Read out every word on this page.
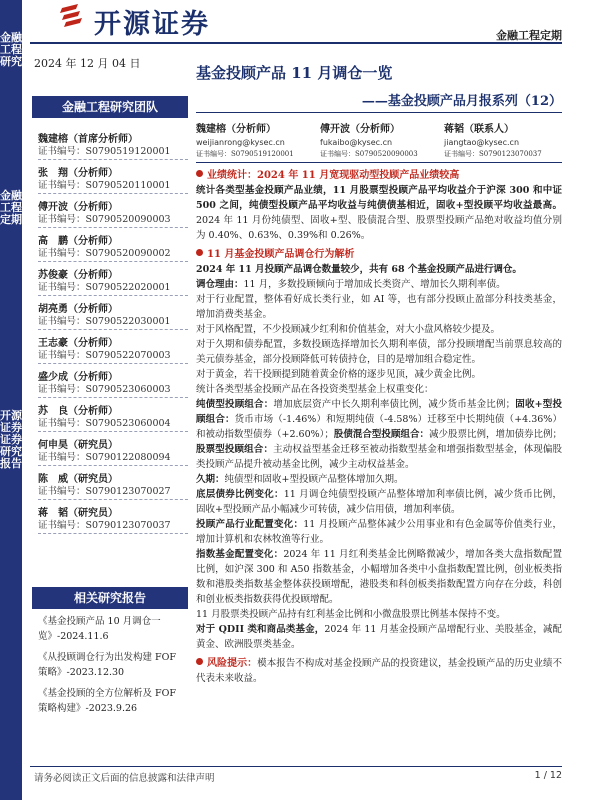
金融工程研究
金融工程定期
开源证券 证券研究报告
开源证券	金融工程定期
2024 年 12 月 04 日
金融工程研究团队
魏建榕（首席分析师）
证书编号：S0790519120001
张　翔（分析师）
证书编号：S0790520110001
傅开波（分析师）
证书编号：S0790520090003
高　鹏（分析师）
证书编号：S0790520090002
苏俊豪（分析师）
证书编号：S0790522020001
胡亮勇（分析师）
证书编号：S0790522030001
王志豪（分析师）
证书编号：S0790522070003
盛少成（分析师）
证书编号：S0790523060003
苏　良（分析师）
证书编号：S0790523060004
何申昊（研究员）
证书编号：S0790122080094
陈　威（研究员）
证书编号：S0790123070027
蒋　韬（研究员）
证书编号：S0790123070037
相关研究报告
《基金投顾产品 10 月调仓一览》-2024.11.6
《从投顾调仓行为出发构建 FOF 策略》-2023.12.30
《基金投顾的全方位解析及 FOF 策略构建》-2023.9.26
基金投顾产品 11 月调仓一览
——基金投顾产品月报系列（12）
魏建榕（分析师）
weijianrong@kysec.cn
证书编号：S0790519120001
傅开波（分析师）
fukaibo@kysec.cn
证书编号：S0790520090003
蒋韬（联系人）
jiangtao@kysec.cn
证书编号：S0790123070037
业绩统计：2024 年 11 月宽现驱动型投顾产品业绩较高
统计各类型基金投顾产品业绩，11 月股票型投顾产品平均收益介于沪深 300 和中证 500 之间，纯债型投顾产品平均收益与纯债债基相近，固收+型投顾平均收益最高。2024 年 11 月份纯债型、固收+型、股债混合型、股票型投顾产品绝对收益均值分别为 0.40%、0.63%、0.39%和 0.26%。
11 月基金投顾产品调仓行为解析
2024 年 11 月投顾产品调仓数量较少，共有 68 个基金投顾产品进行调仓。
调仓理由：11 月，多数投顾倾向于增加成长类资产、增加长久期利率债。
对于行业配置，整体看好成长类行业，如 AI 等，也有部分投顾止盈部分科技类基金，增加消费类基金。
对于风格配置，不少投顾减少红利和价值基金，对大小盘风格较少提及。
对于久期和债券配置，多数投顾选择增加长久期利率债，部分投顾增配当前票息较高的美元债券基金，部分投顾降低可转债持仓，目的是增加组合稳定性。
对于黄金，若干投顾提到随着黄金价格的逐步见顶，减少黄金比例。
统计各类型基金投顾产品在各投资类型基金上权重变化：
纯债型投顾组合：增加底层资产中长久期利率债比例，减少货币基金比例；固收+型投顾组合：货币市场（-1.46%）和短期纯债（-4.58%）迁移至中长期纯债（+4.36%）和被动指数型债券（+2.60%）；股债混合型投顾组合：减少股票比例，增加债券比例；股票型投顾组合：主动权益型基金迁移至被动指数型基金和增强指数型基金，体现偏股类投顾产品提升被动基金比例，减少主动权益基金。
久期：纯债型和固收+型投顾产品整体增加久期。
底层债券比例变化：11 月调仓纯债型投顾产品整体增加利率债比例，减少货币比例，固收+型投顾产品小幅减少可转债，减少信用债，增加利率债。
投顾产品行业配置变化：11 月投顾产品整体减少公用事业和有色金属等价值类行业，增加计算机和农林牧渔等行业。
指数基金配置变化：2024 年 11 月红利类基金比例略微减少，增加各类大盘指数配置比例，如沪深 300 和 A50 指数基金，小幅增加各类中小盘指数配置比例，创业板类指数和港股类指数基金整体获投顾增配，港股类和科创板类指数配置方向存在分歧，科创和创业板类指数获得优投顾增配。
11 月股票类投顾产品持有红利基金比例和小微盘股票比例基本保持不变。
对于 QDII 类和商品类基金，2024 年 11 月基金投顾产品增配行业、美股基金，减配黄金、欧洲股票类基金。
风险提示：模本报告不构成对基金投顾产品的投资建议，基金投顾产品的历史业绩不代表未来收益。
请务必阅读正文后面的信息披露和法律声明	1 / 12
